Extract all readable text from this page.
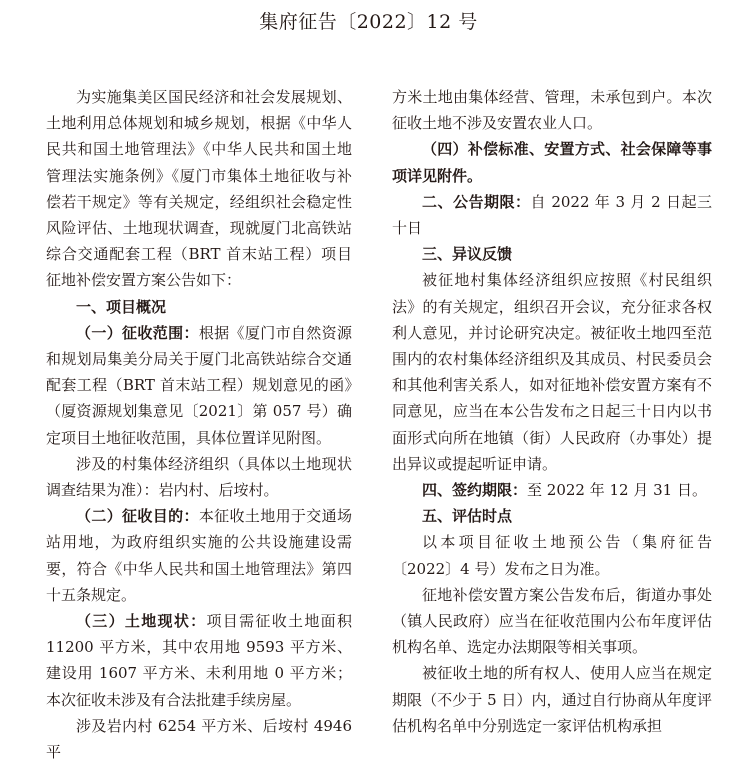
集府征告〔2022〕12 号

为实施集美区国民经济和社会发展规划、土地利用总体规划和城乡规划，根据《中华人民共和国土地管理法》《中华人民共和国土地管理法实施条例》《厦门市集体土地征收与补偿若干规定》等有关规定，经组织社会稳定性风险评估、土地现状调查，现就厦门北高铁站综合交通配套工程（BRT 首末站工程）项目征地补偿安置方案公告如下：

一、项目概况

（一）征收范围：根据《厦门市自然资源和规划局集美分局关于厦门北高铁站综合交通配套工程（BRT 首末站工程）规划意见的函》（厦资源规划集意见〔2021〕第 057 号）确定项目土地征收范围，具体位置详见附图。

涉及的村集体经济组织（具体以土地现状调查结果为准）：岩内村、后垵村。

（二）征收目的：本征收土地用于交通场站用地，为政府组织实施的公共设施建设需要，符合《中华人民共和国土地管理法》第四十五条规定。

（三）土地现状：项目需征收土地面积 11200 平方米，其中农用地 9593 平方米、建设用 1607 平方米、未利用地 0 平方米；本次征收未涉及有合法批建手续房屋。

涉及岩内村 6254 平方米、后垵村 4946 平

方米土地由集体经营、管理，未承包到户。本次征收土地不涉及安置农业人口。

（四）补偿标准、安置方式、社会保障等事项详见附件。

二、公告期限：自 2022 年 3 月 2 日起三十日

三、异议反馈

被征地村集体经济组织应按照《村民组织法》的有关规定，组织召开会议，充分征求各权利人意见，并讨论研究决定。被征收土地四至范围内的农村集体经济组织及其成员、村民委员会和其他利害关系人，如对征地补偿安置方案有不同意见，应当在本公告发布之日起三十日内以书面形式向所在地镇（街）人民政府（办事处）提出异议或提起听证申请。

四、签约期限：至 2022 年 12 月 31 日。

五、评估时点

以本项目征收土地预公告（集府征告〔2022〕4 号）发布之日为准。

征地补偿安置方案公告发布后，街道办事处（镇人民政府）应当在征收范围内公布年度评估机构名单、选定办法期限等相关事项。

被征收土地的所有权人、使用人应当在规定期限（不少于 5 日）内，通过自行协商从年度评估机构名单中分别选定一家评估机构承担
